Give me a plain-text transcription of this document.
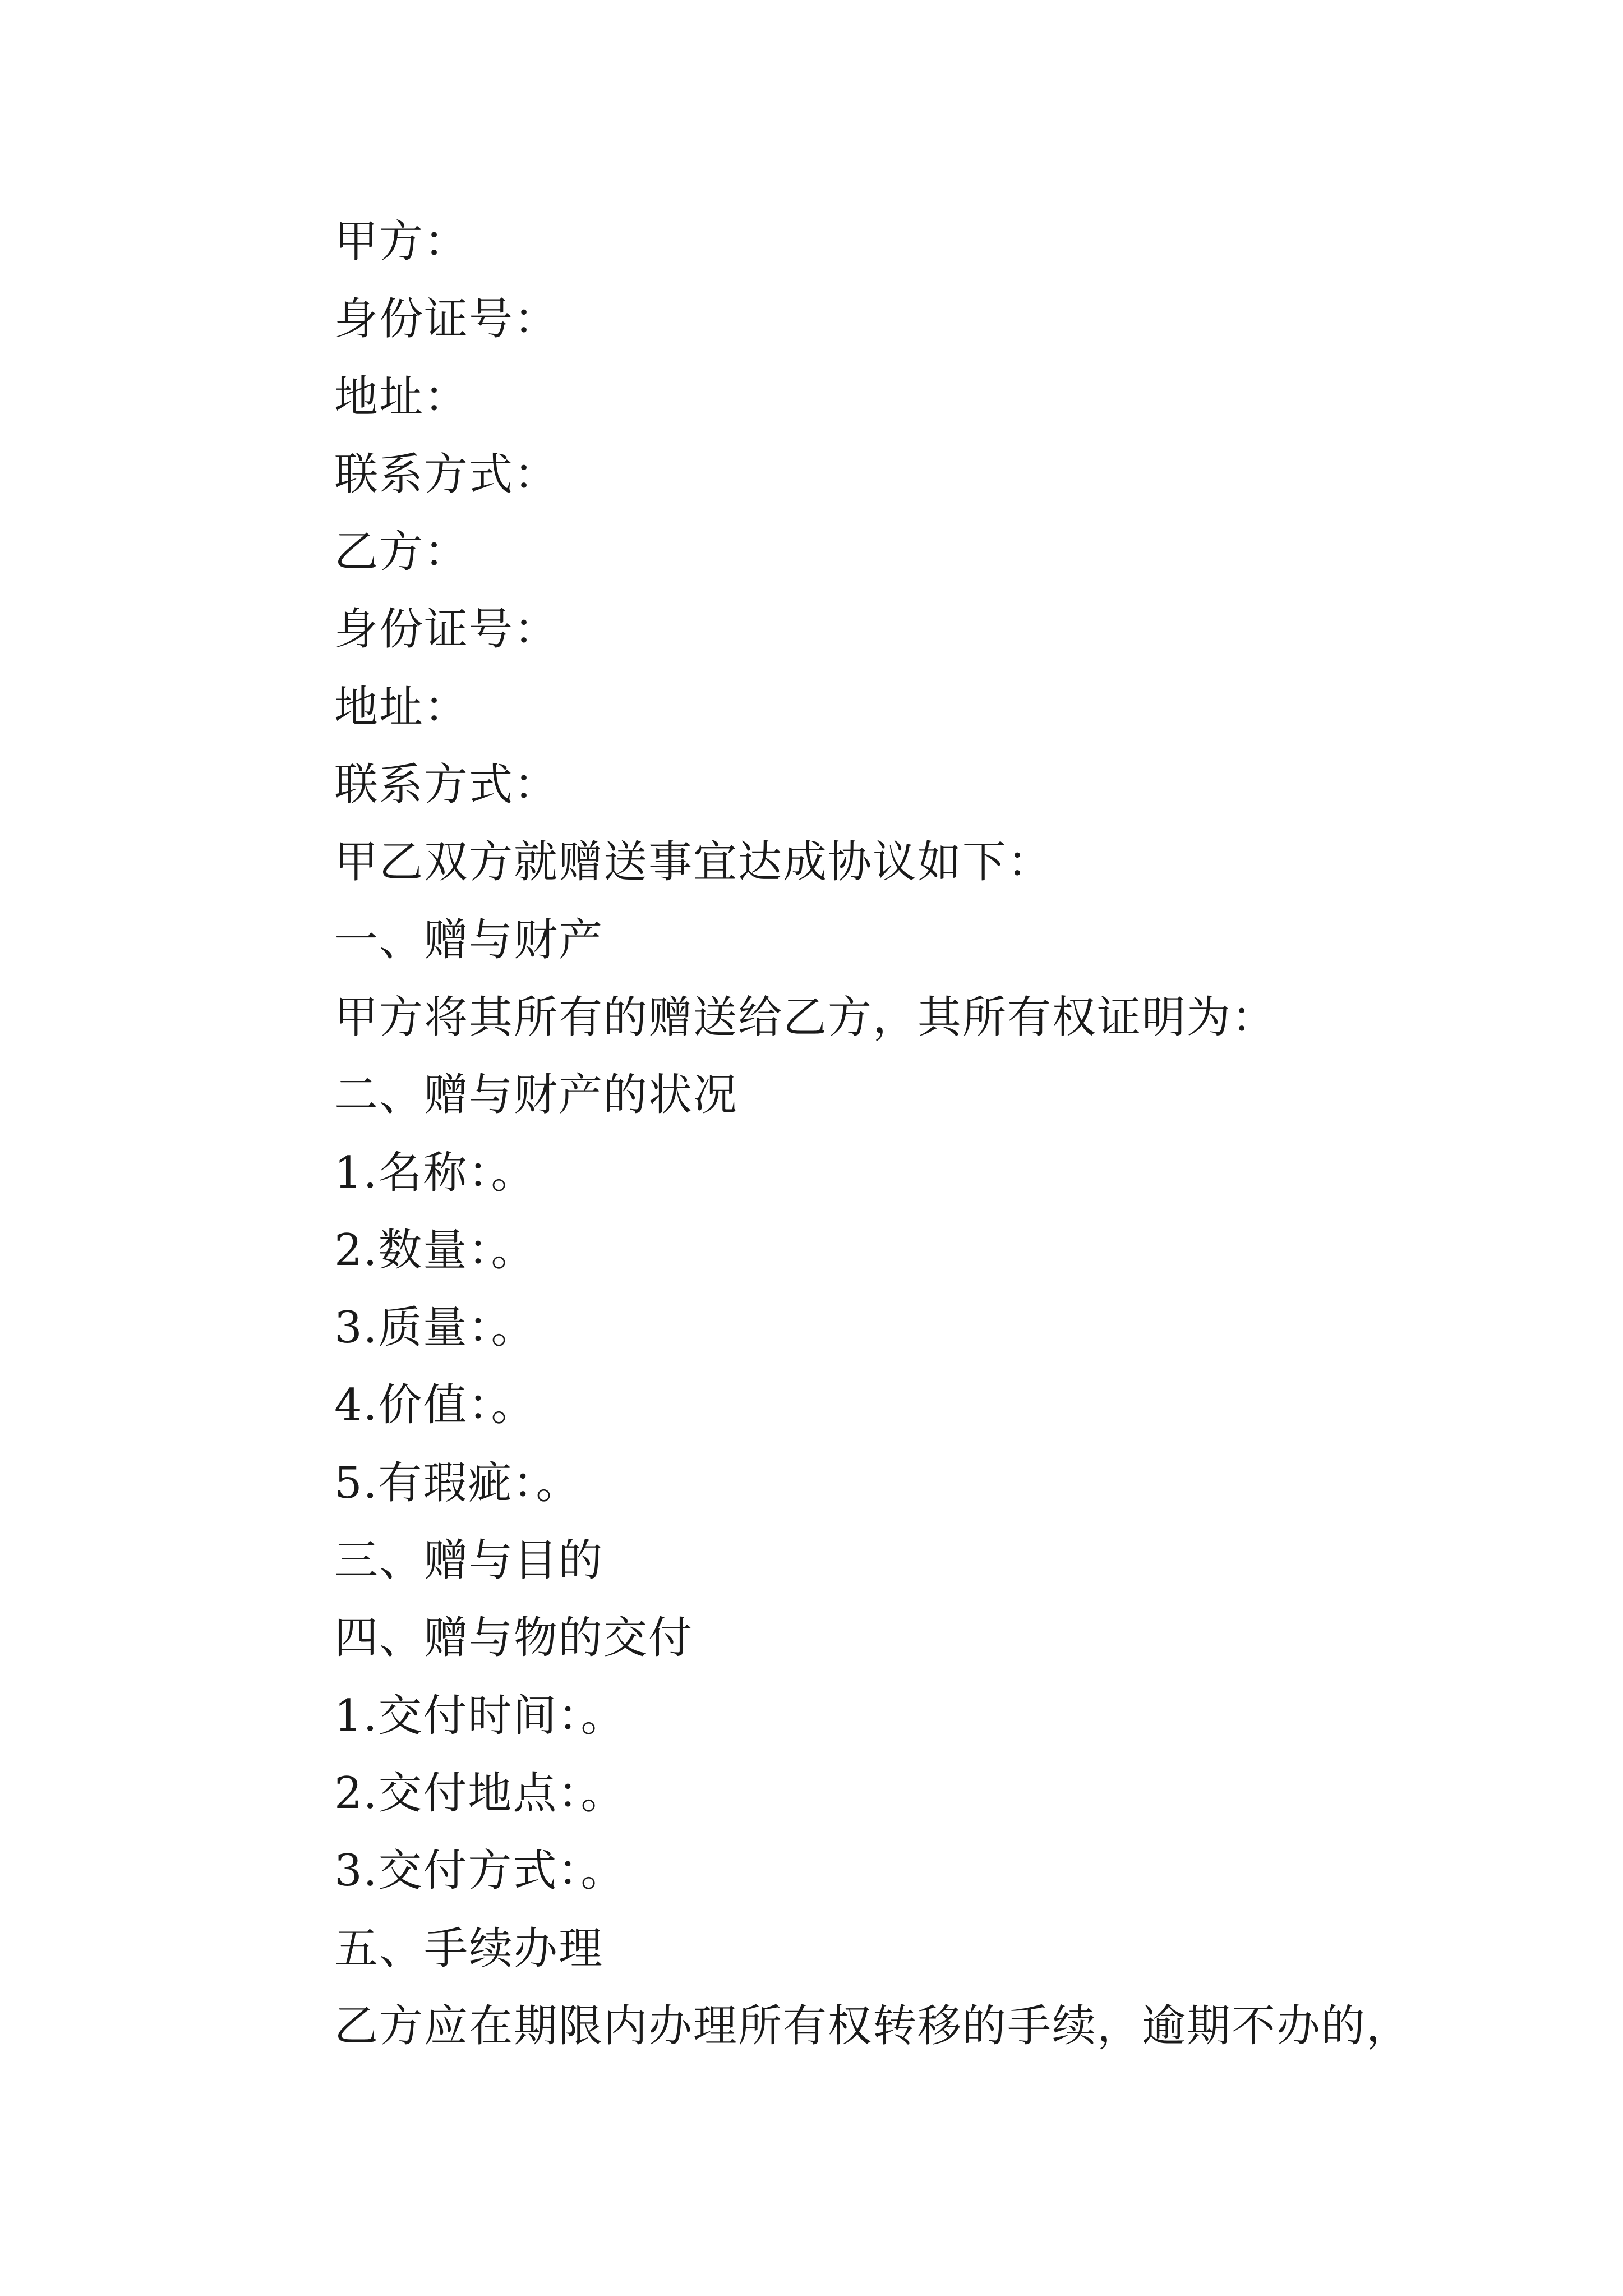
甲方：
身份证号：
地址：
联系方式：
乙方：
身份证号：
地址：
联系方式：
甲乙双方就赠送事宜达成协议如下：
一、赠与财产
甲方将其所有的赠送给乙方，其所有权证明为：
二、赠与财产的状况
1.名称：。
2.数量：。
3.质量：。
4.价值：。
5.有瑕疵：。
三、赠与目的
四、赠与物的交付
1.交付时间：。
2.交付地点：。
3.交付方式：。
五、手续办理
乙方应在期限内办理所有权转移的手续，逾期不办的，
